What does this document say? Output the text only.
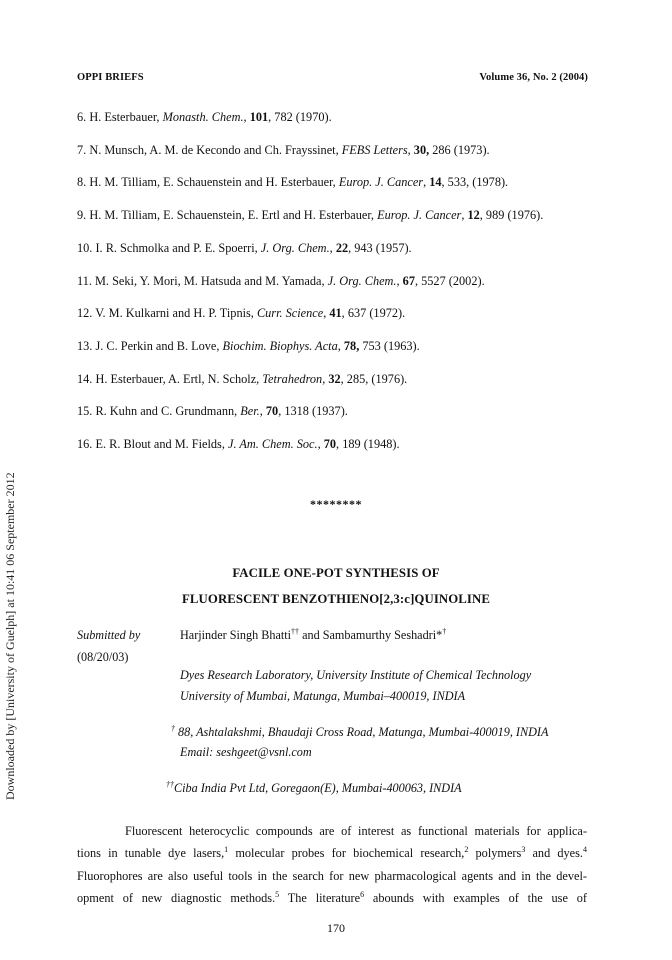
OPPI BRIEFS	Volume 36, No. 2 (2004)
Downloaded by [University of Guelph] at 10:41 06 September 2012
6. H. Esterbauer, Monasth. Chem., 101, 782 (1970).
7. N. Munsch, A. M. de Kecondo and Ch. Frayssinet, FEBS Letters, 30, 286 (1973).
8. H. M. Tilliam, E. Schauenstein and H. Esterbauer, Europ. J. Cancer, 14, 533, (1978).
9. H. M. Tilliam, E. Schauenstein, E. Ertl and H. Esterbauer, Europ. J. Cancer, 12, 989 (1976).
10. I. R. Schmolka and P. E. Spoerri, J. Org. Chem., 22, 943 (1957).
11. M. Seki, Y. Mori, M. Hatsuda and M. Yamada, J. Org. Chem., 67, 5527 (2002).
12. V. M. Kulkarni and H. P. Tipnis, Curr. Science, 41, 637 (1972).
13. J. C. Perkin and B. Love, Biochim. Biophys. Acta, 78, 753 (1963).
14. H. Esterbauer, A. Ertl, N. Scholz, Tetrahedron, 32, 285, (1976).
15. R. Kuhn and C. Grundmann, Ber., 70, 1318 (1937).
16. E. R. Blout and M. Fields, J. Am. Chem. Soc., 70, 189 (1948).
********
FACILE ONE-POT SYNTHESIS OF
FLUORESCENT BENZOTHIENO[2,3:c]QUINOLINE
Submitted by
(08/20/03)
Harjinder Singh Bhatti†† and Sambamurthy Seshadri*†
Dyes Research Laboratory, University Institute of Chemical Technology
University of Mumbai, Matunga, Mumbai–400019, INDIA
† 88, Ashtalakshmi, Bhaudaji Cross Road, Matunga, Mumbai-400019, INDIA
Email: seshgeet@vsnl.com
††Ciba India Pvt Ltd, Goregaon(E), Mumbai-400063, INDIA
Fluorescent heterocyclic compounds are of interest as functional materials for applica-
tions in tunable dye lasers,$^1$ molecular probes for biochemical research,$^2$ polymers$^3$ and dyes.$^4$
Fluorophores are also useful tools in the search for new pharmacological agents and in the devel-
opment of new diagnostic methods.$^5$ The literature$^6$ abounds with examples of the use of
170
